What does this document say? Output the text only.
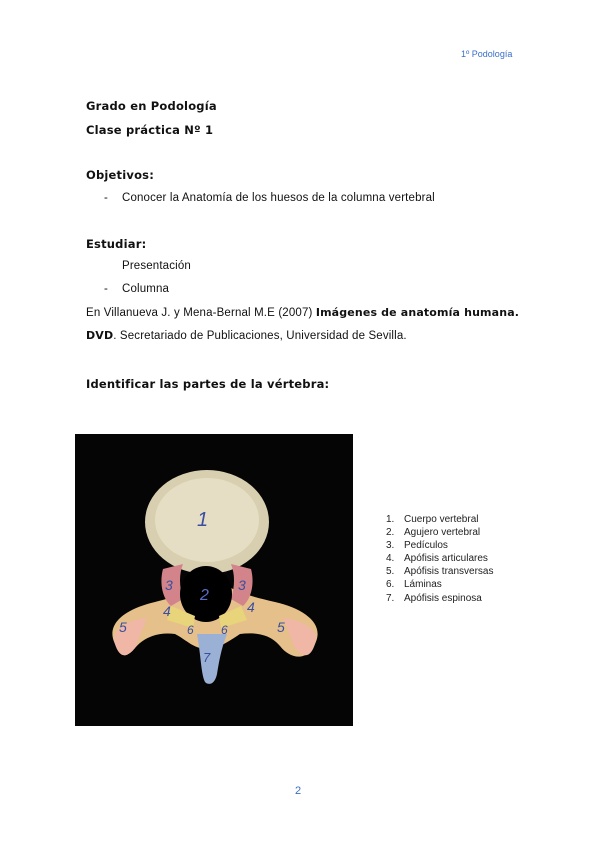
1º Podología
Grado en Podología
Clase práctica Nº 1
Objetivos:
- Conocer la Anatomía de los huesos de la columna vertebral
Estudiar:
Presentación
- Columna
En Villanueva J. y Mena-Bernal M.E (2007) Imágenes de anatomía humana.
DVD. Secretariado de Publicaciones, Universidad de Sevilla.
Identificar las partes de la vértebra:
1
2
3	3
4	4
5	5
6 6
7
1. Cuerpo vertebral
2. Agujero vertebral
3. Pedículos
4. Apófisis articulares
5. Apófisis transversas
6. Láminas
7. Apófisis espinosa
2
